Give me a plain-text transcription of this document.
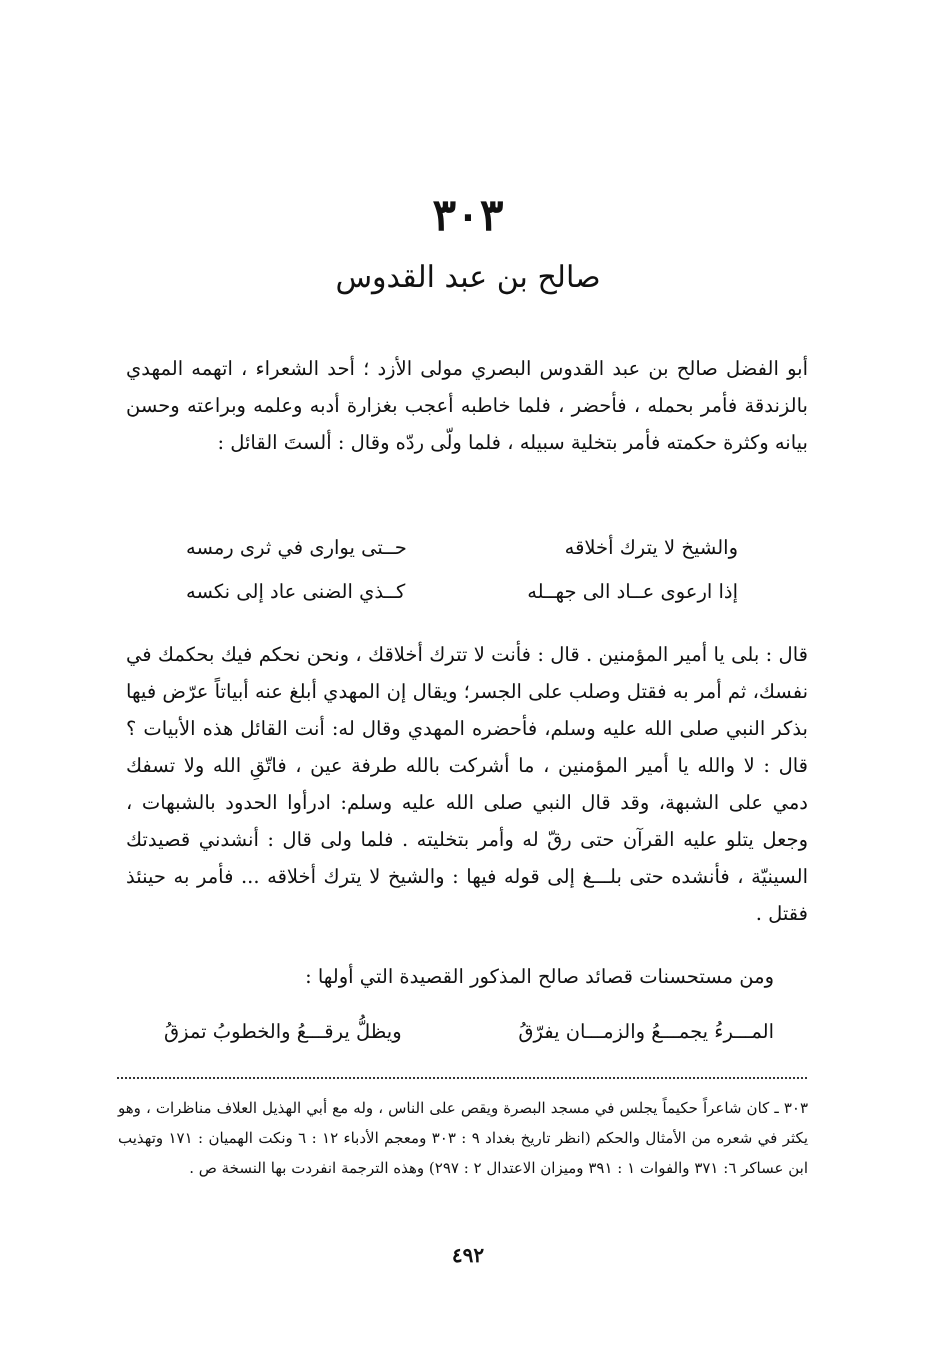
٣٠٣
صالح بن عبد القدوس
أبو الفضل صالح بن عبد القدوس البصري مولى الأزد ؛ أحد الشعراء ، اتهمه المهدي بالزندقة فأمر بحمله ، فأحضر ، فلما خاطبه أعجب بغزارة أدبه وعلمه وبراعته وحسن بيانه وكثرة حكمته فأمر بتخلية سبيله ، فلما ولّى ردّه وقال : ألستَ القائل :
والشيخ لا يترك أخلاقه
حــتى يوارى في ثرى رمسه
إذا ارعوى عــاد الى جهــله
كــذي الضنى عاد إلى نكسه
قال : بلى يا أمير المؤمنين . قال : فأنت لا تترك أخلاقك ، ونحن نحكم فيك بحكمك في نفسك، ثم أمر به فقتل وصلب على الجسر؛ ويقال إن المهدي أبلغ عنه أبياتاً عرّض فيها بذكر النبي صلى الله عليه وسلم، فأحضره المهدي وقال له: أنت القائل هذه الأبيات ؟ قال : لا والله يا أمير المؤمنين ، ما أشركت بالله طرفة عين ، فاتّقِ الله ولا تسفك دمي على الشبهة، وقد قال النبي صلى الله عليه وسلم: ادرأوا الحدود بالشبهات ، وجعل يتلو عليه القرآن حتى رقّ له وأمر بتخليته . فلما ولى قال : أنشدني قصيدتك السينيّة ، فأنشده حتى بلـــغ إلى قوله فيها : والشيخ لا يترك أخلاقه ... فأمر به حينئذ فقتل .
ومن مستحسنات قصائد صالح المذكور القصيدة التي أولها :
المـــرءُ يجمـــعُ والزمـــان يفرّقُ
ويظلُّ يرقـــعُ والخطوبُ تمزقُ
٣٠٣ ـ كان شاعراً حكيماً يجلس في مسجد البصرة ويقص على الناس ، وله مع أبي الهذيل العلاف مناظرات ، وهو يكثر في شعره من الأمثال والحكم (انظر تاريخ بغداد ٩ : ٣٠٣ ومعجم الأدباء ١٢ : ٦ ونكت الهميان : ١٧١ وتهذيب ابن عساكر ٦: ٣٧١ والفوات ١ : ٣٩١ وميزان الاعتدال ٢ : ٢٩٧) وهذه الترجمة انفردت بها النسخة ص .
٤٩٢
